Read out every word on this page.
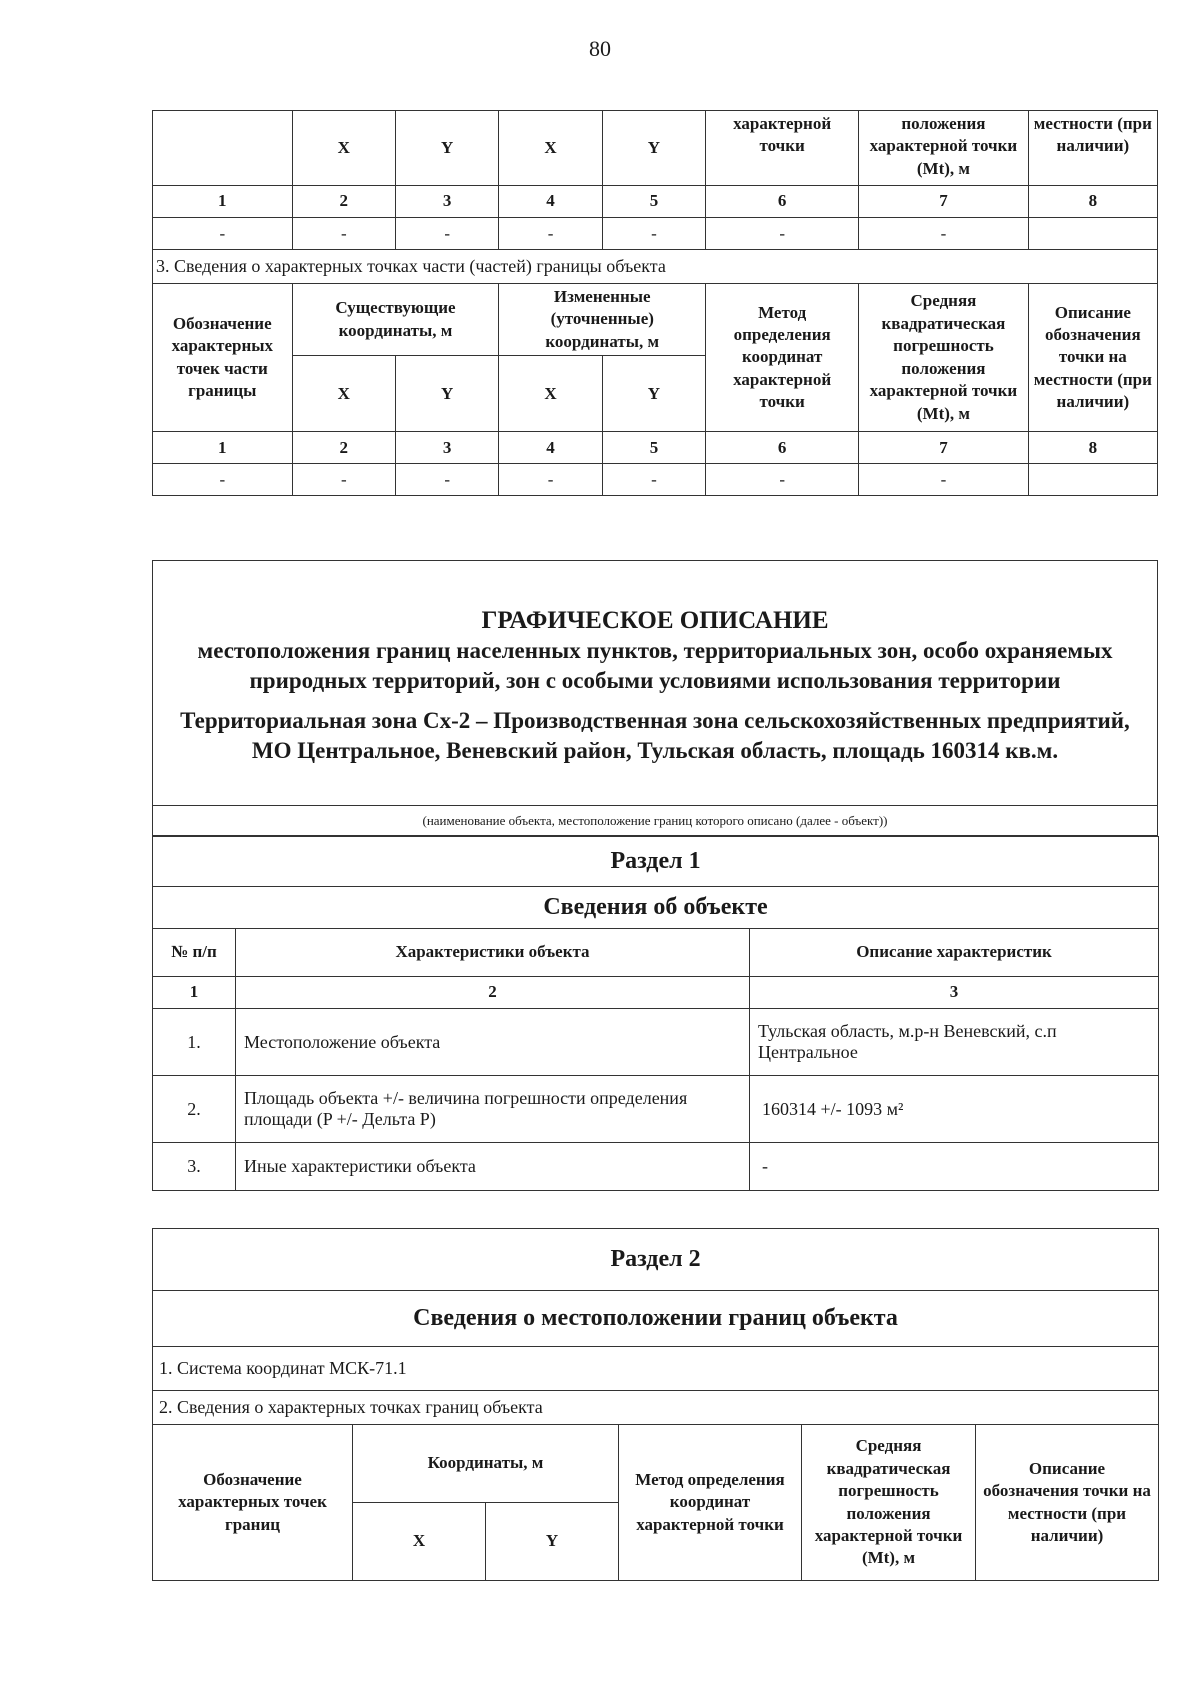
80
	X	Y	X	Y	характерной точки	положения характерной точки (Mt), м	местности (при наличии)
1	2	3	4	5	6	7	8
-	-	-	-	-	-	-	
3. Сведения о характерных точках части (частей) границы объекта							
Обозначение характерных точек части границы	Существующие координаты, м		Измененные (уточненные) координаты, м		Метод определения координат характерной точки	Средняя квадратическая погрешность положения характерной точки (Mt), м	Описание обозначения точки на местности (при наличии)
	X	Y	X	Y			
1	2	3	4	5	6	7	8
-	-	-	-	-	-	-	
ГРАФИЧЕСКОЕ ОПИСАНИЕ
местоположения границ населенных пунктов, территориальных зон, особо охраняемых природных территорий, зон с особыми условиями использования территории
Территориальная зона Сх-2 – Производственная зона сельскохозяйственных предприятий, МО Центральное, Веневский район, Тульская область, площадь 160314 кв.м.

(наименование объекта, местоположение границ которого описано (далее - объект))
Раздел 1		
Сведения об объекте		
№ п/п	Характеристики объекта	Описание характеристик
1	2	3
1.	Местоположение объекта	Тульская область, м.р-н Веневский, с.п Центральное
2.	Площадь объекта +/- величина погрешности определения площади (P +/- Дельта P)	160314 +/- 1093 м²
3.	Иные характеристики объекта	-
Раздел 2					
Сведения о местоположении границ объекта					
1. Система координат МСК-71.1					
2. Сведения о характерных точках границ объекта					
Обозначение характерных точек границ	Координаты, м		Метод определения координат характерной точки	Средняя квадратическая погрешность положения характерной точки (Mt), м	Описание обозначения точки на местности (при наличии)
	X	Y			
